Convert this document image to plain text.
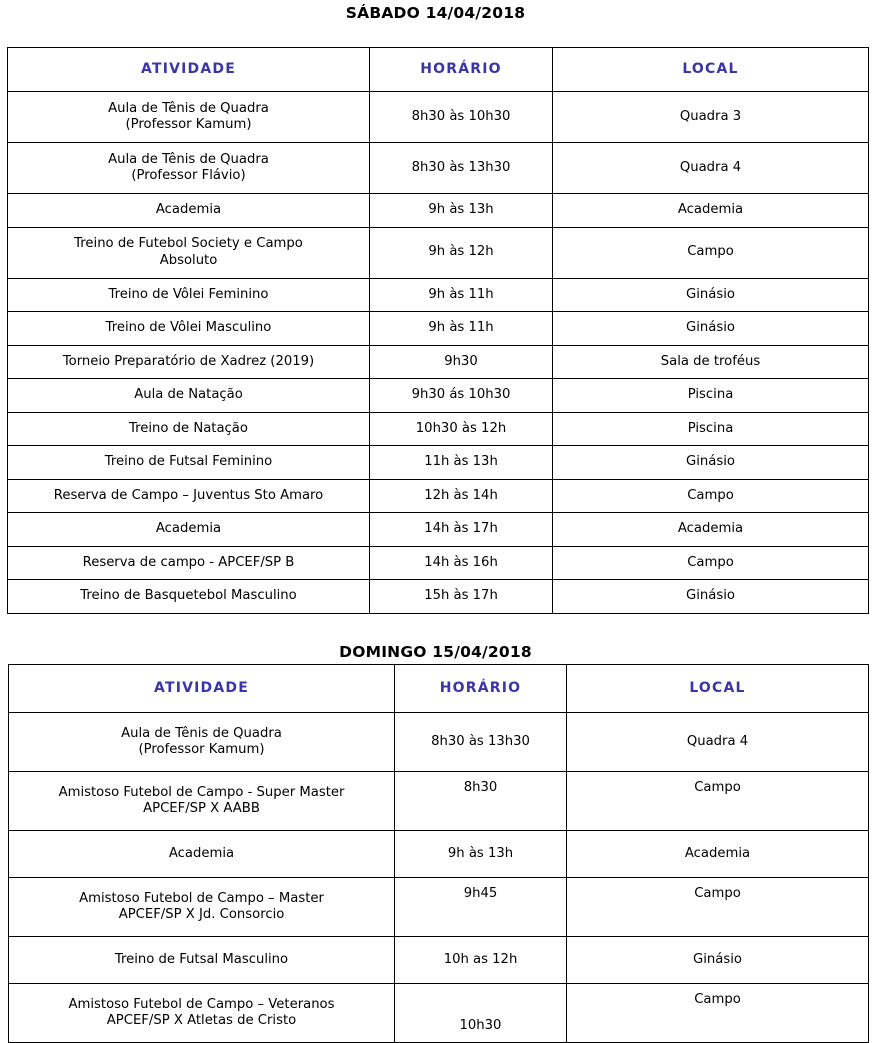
SÁBADO 14/04/2018
ATIVIDADE	HORÁRIO	LOCAL

Aula de Tênis de Quadra
(Professor Kamum)	8h30 às 10h30	Quadra 3

Aula de Tênis de Quadra
(Professor Flávio)	8h30 às 13h30	Quadra 4

Academia	9h às 13h	Academia

Treino de Futebol Society e Campo
Absoluto	9h às 12h	Campo

Treino de Vôlei Feminino	9h às 11h	Ginásio

Treino de Vôlei Masculino	9h às 11h	Ginásio

Torneio Preparatório de Xadrez (2019)	9h30	Sala de troféus

Aula de Natação	9h30 ás 10h30	Piscina

Treino de Natação	10h30 às 12h	Piscina

Treino de Futsal Feminino	11h às 13h	Ginásio

Reserva de Campo – Juventus Sto Amaro	12h às 14h	Campo

Academia	14h às 17h	Academia

Reserva de campo - APCEF/SP B	14h às 16h	Campo

Treino de Basquetebol Masculino	15h às 17h	Ginásio
DOMINGO 15/04/2018
ATIVIDADE	HORÁRIO	LOCAL

Aula de Tênis de Quadra
(Professor Kamum)	8h30 às 13h30	Quadra 4

Amistoso Futebol de Campo - Super Master
APCEF/SP X AABB	8h30	Campo

Academia	9h às 13h	Academia

Amistoso Futebol de Campo – Master
APCEF/SP X Jd. Consorcio	9h45	Campo

Treino de Futsal Masculino	10h as 12h	Ginásio

Amistoso Futebol de Campo – Veteranos
APCEF/SP X Atletas de Cristo	10h30	Campo
